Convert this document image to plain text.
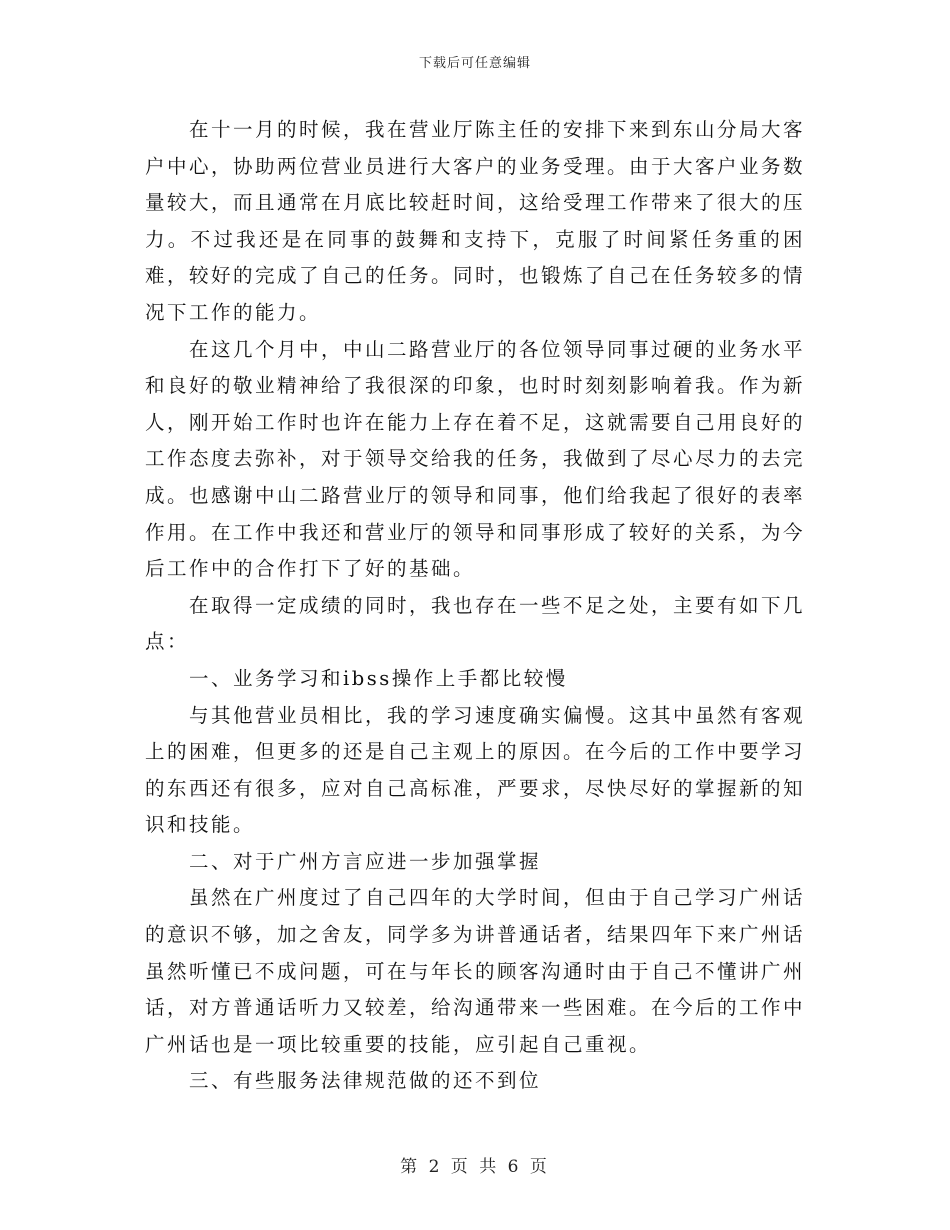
下载后可任意编辑

在十一月的时候，我在营业厅陈主任的安排下来到东山分局大客户中心，协助两位营业员进行大客户的业务受理。由于大客户业务数量较大，而且通常在月底比较赶时间，这给受理工作带来了很大的压力。不过我还是在同事的鼓舞和支持下，克服了时间紧任务重的困难，较好的完成了自己的任务。同时，也锻炼了自己在任务较多的情况下工作的能力。

在这几个月中，中山二路营业厅的各位领导同事过硬的业务水平和良好的敬业精神给了我很深的印象，也时时刻刻影响着我。作为新人，刚开始工作时也许在能力上存在着不足，这就需要自己用良好的工作态度去弥补，对于领导交给我的任务，我做到了尽心尽力的去完成。也感谢中山二路营业厅的领导和同事，他们给我起了很好的表率作用。在工作中我还和营业厅的领导和同事形成了较好的关系，为今后工作中的合作打下了好的基础。

在取得一定成绩的同时，我也存在一些不足之处，主要有如下几点：

一、业务学习和ibss操作上手都比较慢

与其他营业员相比，我的学习速度确实偏慢。这其中虽然有客观上的困难，但更多的还是自己主观上的原因。在今后的工作中要学习的东西还有很多，应对自己高标准，严要求，尽快尽好的掌握新的知识和技能。

二、对于广州方言应进一步加强掌握

虽然在广州度过了自己四年的大学时间，但由于自己学习广州话的意识不够，加之舍友，同学多为讲普通话者，结果四年下来广州话虽然听懂已不成问题，可在与年长的顾客沟通时由于自己不懂讲广州话，对方普通话听力又较差，给沟通带来一些困难。在今后的工作中广州话也是一项比较重要的技能，应引起自己重视。

三、有些服务法律规范做的还不到位

第 2 页 共 6 页
